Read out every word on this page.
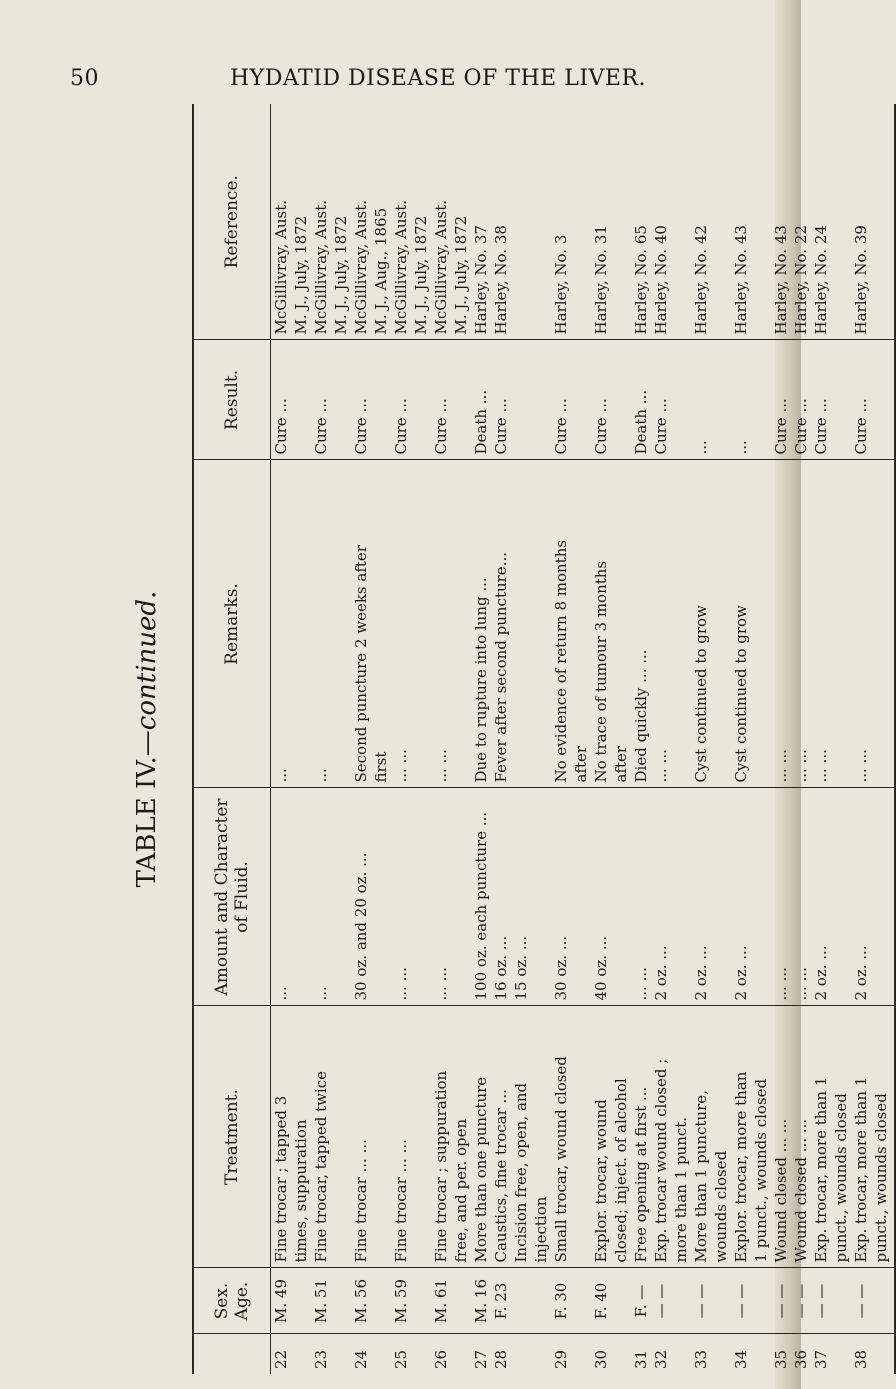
50	HYDATID DISEASE OF THE LIVER.
TABLE IV.—continued.
	Sex. Age.	Treatment.	Amount and Character of Fluid.	Remarks.	Result.	Reference.
22	M. 49	Fine trocar ; tapped 3	...	...	Cure ...	McGillivray, Aust.
		times, suppuration				M. J., July, 1872
23	M. 51	Fine trocar, tapped twice	...	...	Cure ...	McGillivray, Aust.
						M. J., July, 1872
24	M. 56	Fine trocar ... ...	30 oz. and 20 oz. ...	Second puncture 2 weeks after	Cure ...	McGillivray, Aust.
				first		M. J., Aug., 1865
25	M. 59	Fine trocar ... ...	... ...	... ...	Cure ...	McGillivray, Aust.
						M. J., July, 1872
26	M. 61	Fine trocar ; suppuration	... ...	... ...	Cure ...	McGillivray, Aust.
		free, and per. open				M. J., July, 1872
27	M. 16	More than one puncture	100 oz. each puncture ...	Due to rupture into lung ...	Death ...	Harley, No. 37
28	F. 23	Caustics, fine trocar ...	16 oz. ...	Fever after second puncture...	Cure ...	Harley, No. 38
		Incision free, open, and	15 oz. ...			
		injection				
29	F. 30	Small trocar, wound closed	30 oz. ...	No evidence of return 8 months	Cure ...	Harley, No. 3
				after		
30	F. 40	Explor. trocar, wound	40 oz. ...	No trace of tumour 3 months	Cure ...	Harley, No. 31
		closed; inject. of alcohol		after		
31	F. —	Free opening at first ...	... ...	Died quickly ... ...	Death ...	Harley, No. 65
32	— —	Exp. trocar wound closed ;	2 oz. ...	... ...	Cure ...	Harley, No. 40
		more than 1 punct.				
33	— —	More than 1 puncture,	2 oz. ...	Cyst continued to grow	...	Harley, No. 42
		wounds closed				
34	— —	Explor. trocar, more than	2 oz. ...	Cyst continued to grow	...	Harley, No. 43
		1 punct., wounds closed				
35	— —	Wound closed ... ...	... ...	... ...	Cure ...	Harley, No. 43
36	— —	Wound closed ... ...	... ...	... ...	Cure ...	Harley, No. 22
37	— —	Exp. trocar, more than 1	2 oz. ...	... ...	Cure ...	Harley, No. 24
		punct., wounds closed				
38	— —	Exp. trocar, more than 1	2 oz. ...	... ...	Cure ...	Harley, No. 39
		punct., wounds closed				
